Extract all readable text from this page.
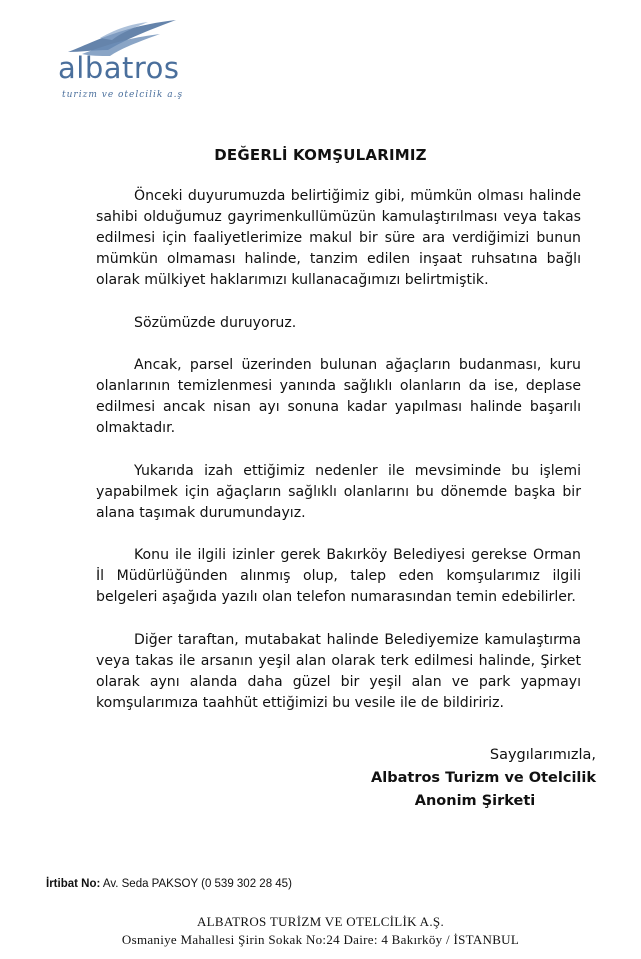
albatros
turizm ve otelcilik a.ş
DEĞERLİ KOMŞULARIMIZ

Önceki duyurumuzda belirtiğimiz gibi, mümkün olması halinde sahibi olduğumuz gayrimenkullümüzün kamulaştırılması veya takas edilmesi için faaliyetlerimize makul bir süre ara verdiğimizi bunun mümkün olmaması halinde, tanzim edilen inşaat ruhsatına bağlı olarak mülkiyet haklarımızı kullanacağımızı belirtmiştik.

Sözümüzde duruyoruz.

Ancak, parsel üzerinden bulunan ağaçların budanması, kuru olanlarının temizlenmesi yanında sağlıklı olanların da ise, deplase edilmesi ancak nisan ayı sonuna kadar yapılması halinde başarılı olmaktadır.

Yukarıda izah ettiğimiz nedenler ile mevsiminde bu işlemi yapabilmek için ağaçların sağlıklı olanlarını bu dönemde başka bir alana taşımak durumundayız.

Konu ile ilgili izinler gerek Bakırköy Belediyesi gerekse Orman İl Müdürlüğünden alınmış olup, talep eden komşularımız ilgili belgeleri aşağıda yazılı olan telefon numarasından temin edebilirler.

Diğer taraftan, mutabakat halinde Belediyemize kamulaştırma veya takas ile arsanın yeşil alan olarak terk edilmesi halinde, Şirket olarak aynı alanda daha güzel bir yeşil alan ve park yapmayı komşularımıza taahhüt ettiğimizi bu vesile ile de bildiririz.

Saygılarımızla,
Albatros Turizm ve Otelcilik
Anonim Şirketi
İrtibat No: Av. Seda PAKSOY (0 539 302 28 45)
ALBATROS TURİZM VE OTELCİLİK A.Ş.
Osmaniye Mahallesi Şirin Sokak No:24 Daire: 4 Bakırköy / İSTANBUL
